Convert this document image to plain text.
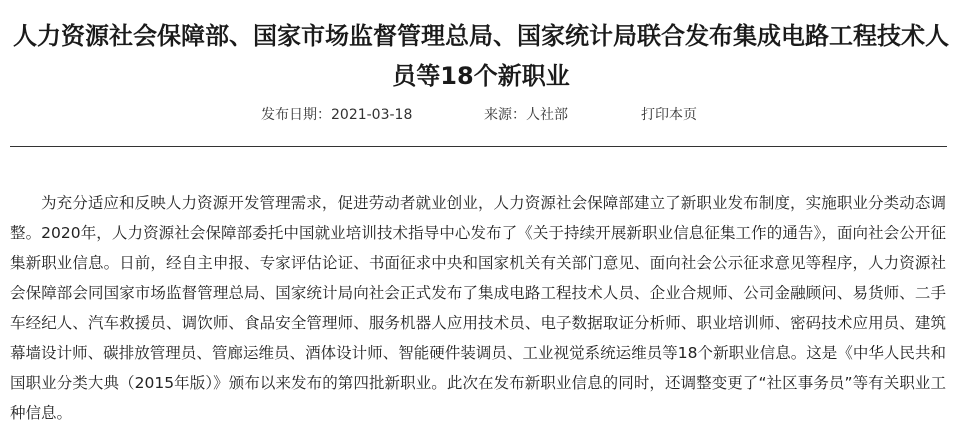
人力资源社会保障部、国家市场监督管理总局、国家统计局联合发布集成电路工程技术人员等18个新职业
发布日期：2021-03-18	来源：人社部	打印本页

为充分适应和反映人力资源开发管理需求，促进劳动者就业创业，人力资源社会保障部建立了新职业发布制度，实施职业分类动态调整。2020年，人力资源社会保障部委托中国就业培训技术指导中心发布了《关于持续开展新职业信息征集工作的通告》，面向社会公开征集新职业信息。日前，经自主申报、专家评估论证、书面征求中央和国家机关有关部门意见、面向社会公示征求意见等程序，人力资源社会保障部会同国家市场监督管理总局、国家统计局向社会正式发布了集成电路工程技术人员、企业合规师、公司金融顾问、易货师、二手车经纪人、汽车救援员、调饮师、食品安全管理师、服务机器人应用技术员、电子数据取证分析师、职业培训师、密码技术应用员、建筑幕墙设计师、碳排放管理员、管廊运维员、酒体设计师、智能硬件装调员、工业视觉系统运维员等18个新职业信息。这是《中华人民共和国职业分类大典（2015年版）》颁布以来发布的第四批新职业。此次在发布新职业信息的同时，还调整变更了“社区事务员”等有关职业工种信息。
